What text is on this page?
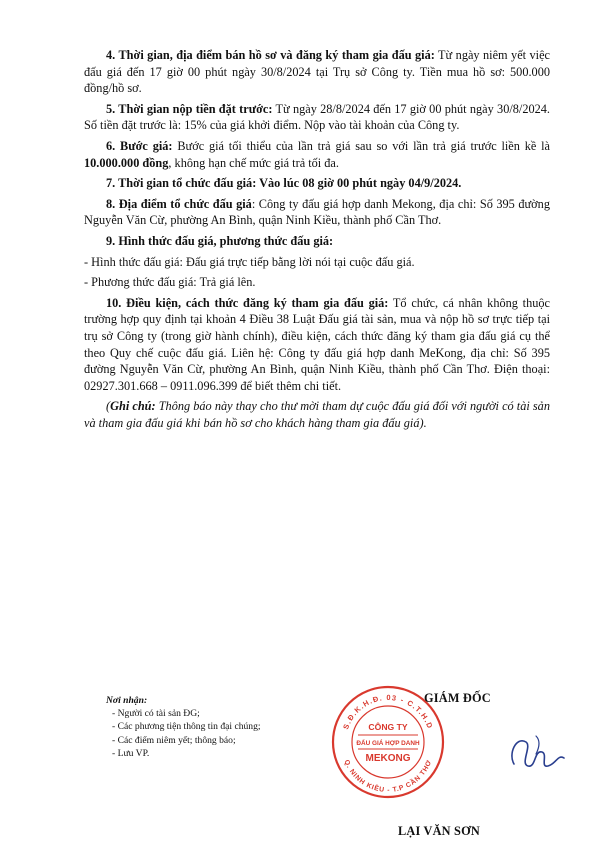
4. Thời gian, địa điểm bán hồ sơ và đăng ký tham gia đấu giá: Từ ngày niêm yết việc đấu giá đến 17 giờ 00 phút ngày 30/8/2024 tại Trụ sở Công ty. Tiền mua hồ sơ: 500.000 đồng/hồ sơ.

5. Thời gian nộp tiền đặt trước: Từ ngày 28/8/2024 đến 17 giờ 00 phút ngày 30/8/2024. Số tiền đặt trước là: 15% của giá khởi điểm. Nộp vào tài khoản của Công ty.

6. Bước giá: Bước giá tối thiểu của lần trả giá sau so với lần trả giá trước liền kề là 10.000.000 đồng, không hạn chế mức giá trả tối đa.

7. Thời gian tổ chức đấu giá: Vào lúc 08 giờ 00 phút ngày 04/9/2024.

8. Địa điểm tổ chức đấu giá: Công ty đấu giá hợp danh Mekong, địa chỉ: Số 395 đường Nguyễn Văn Cừ, phường An Bình, quận Ninh Kiều, thành phố Cần Thơ.

9. Hình thức đấu giá, phương thức đấu giá:

- Hình thức đấu giá: Đấu giá trực tiếp bằng lời nói tại cuộc đấu giá.

- Phương thức đấu giá: Trả giá lên.

10. Điều kiện, cách thức đăng ký tham gia đấu giá: Tổ chức, cá nhân không thuộc trường hợp quy định tại khoản 4 Điều 38 Luật Đấu giá tài sản, mua và nộp hồ sơ trực tiếp tại trụ sở Công ty (trong giờ hành chính), điều kiện, cách thức đăng ký tham gia đấu giá cụ thể theo Quy chế cuộc đấu giá. Liên hệ: Công ty đấu giá hợp danh MeKong, địa chỉ: Số 395 đường Nguyễn Văn Cừ, phường An Bình, quận Ninh Kiều, thành phố Cần Thơ. Điện thoại: 02927.301.668 – 0911.096.399 để biết thêm chi tiết.

(Ghi chú: Thông báo này thay cho thư mời tham dự cuộc đấu giá đối với người có tài sản và tham gia đấu giá khi bán hồ sơ cho khách hàng tham gia đấu giá).

Nơi nhận:
- Người có tài sản ĐG;
- Các phương tiện thông tin đại chúng;
- Các điểm niêm yết; thông báo;
- Lưu VP.
S.Đ.K.H.Đ. 03 - C.T.H.D
Q. NINH KIỀU - T.P CẦN THƠ
CÔNG TY
ĐẤU GIÁ HỢP DANH
MEKONG
GIÁM ĐỐC
LẠI VĂN SƠN
